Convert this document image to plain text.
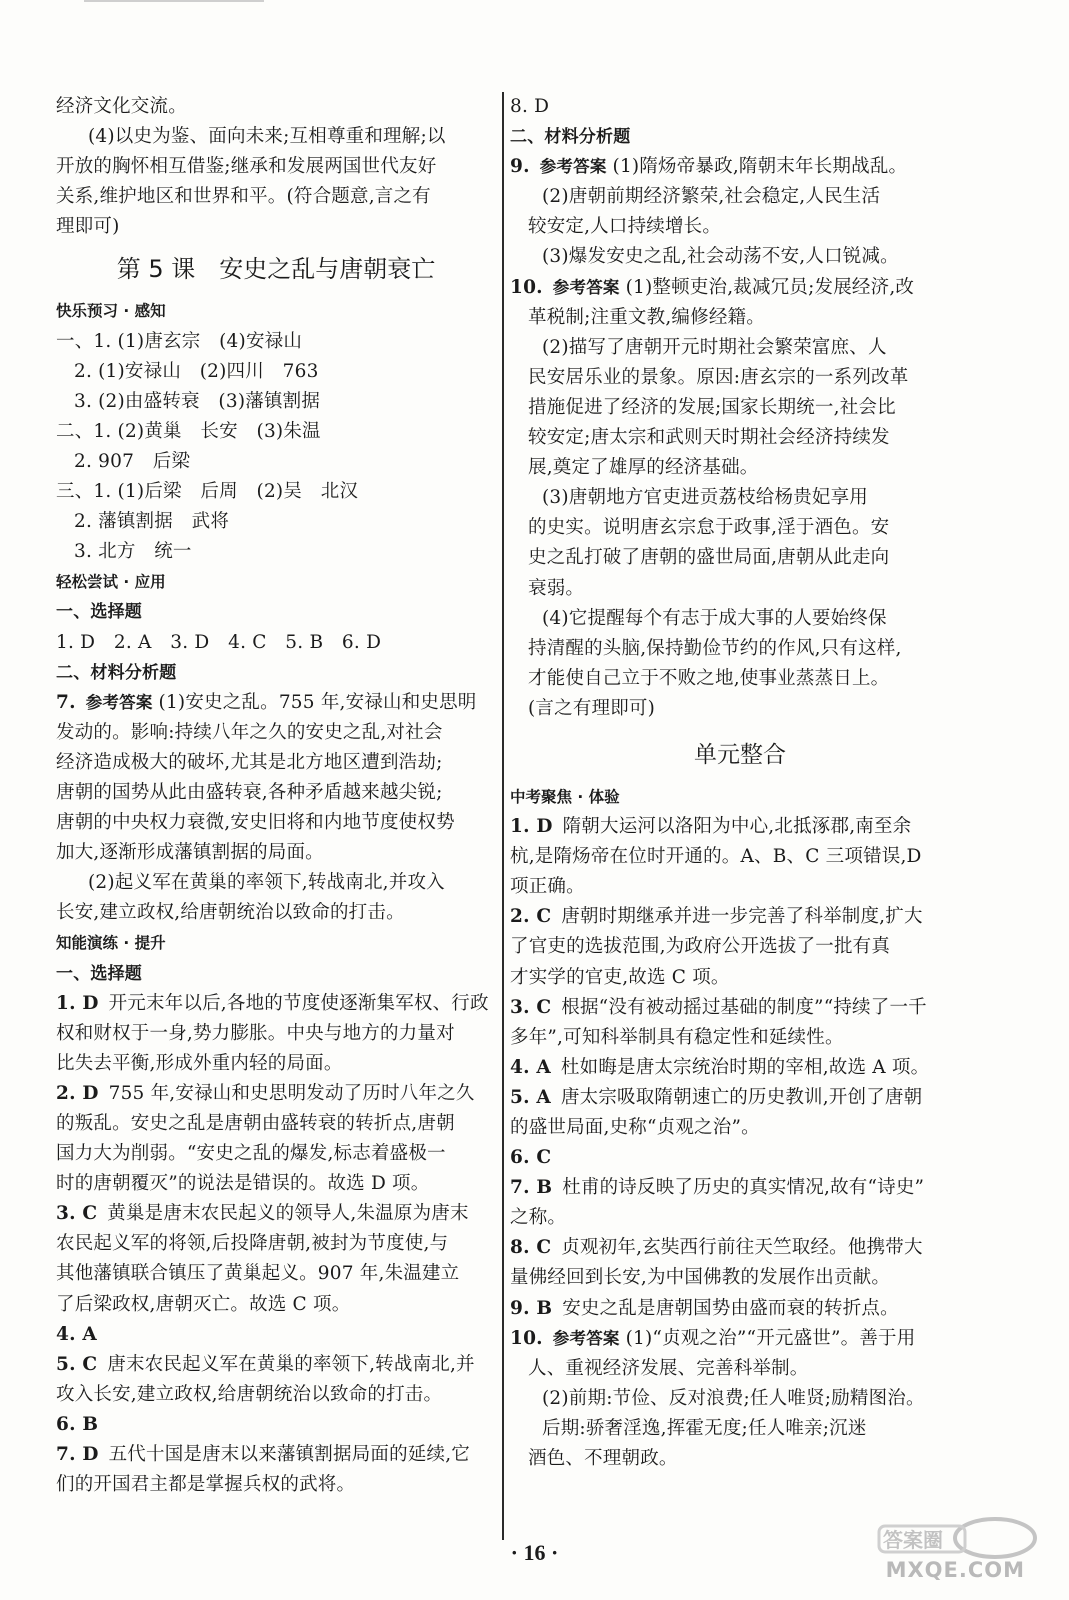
经济文化交流。
(4)以史为鉴、面向未来;互相尊重和理解;以
开放的胸怀相互借鉴;继承和发展两国世代友好
关系,维护地区和世界和平。(符合题意,言之有
理即可)
第 5 课　安史之乱与唐朝衰亡
快乐预习 · 感知
一、1. (1)唐玄宗　(4)安禄山
2. (1)安禄山　(2)四川　763
3. (2)由盛转衰　(3)藩镇割据
二、1. (2)黄巢　长安　(3)朱温
2. 907　后梁
三、1. (1)后梁　后周　(2)吴　北汉
2. 藩镇割据　武将
3. 北方　统一
轻松尝试 · 应用
一、选择题
1. D　2. A　3. D　4. C　5. B　6. D
二、材料分析题
7. 参考答案 (1)安史之乱。755 年,安禄山和史思明
发动的。影响:持续八年之久的安史之乱,对社会
经济造成极大的破坏,尤其是北方地区遭到浩劫;
唐朝的国势从此由盛转衰,各种矛盾越来越尖锐;
唐朝的中央权力衰微,安史旧将和内地节度使权势
加大,逐渐形成藩镇割据的局面。
(2)起义军在黄巢的率领下,转战南北,并攻入
长安,建立政权,给唐朝统治以致命的打击。
知能演练 · 提升
一、选择题
1. D 开元末年以后,各地的节度使逐渐集军权、行政
权和财权于一身,势力膨胀。中央与地方的力量对
比失去平衡,形成外重内轻的局面。
2. D 755 年,安禄山和史思明发动了历时八年之久
的叛乱。安史之乱是唐朝由盛转衰的转折点,唐朝
国力大为削弱。“安史之乱的爆发,标志着盛极一
时的唐朝覆灭”的说法是错误的。故选 D 项。
3. C 黄巢是唐末农民起义的领导人,朱温原为唐末
农民起义军的将领,后投降唐朝,被封为节度使,与
其他藩镇联合镇压了黄巢起义。907 年,朱温建立
了后梁政权,唐朝灭亡。故选 C 项。
4. A
5. C 唐末农民起义军在黄巢的率领下,转战南北,并
攻入长安,建立政权,给唐朝统治以致命的打击。
6. B
7. D 五代十国是唐末以来藩镇割据局面的延续,它
们的开国君主都是掌握兵权的武将。
8. D
二、材料分析题
9. 参考答案 (1)隋炀帝暴政,隋朝末年长期战乱。
(2)唐朝前期经济繁荣,社会稳定,人民生活
较安定,人口持续增长。
(3)爆发安史之乱,社会动荡不安,人口锐减。
10. 参考答案 (1)整顿吏治,裁减冗员;发展经济,改
革税制;注重文教,编修经籍。
(2)描写了唐朝开元时期社会繁荣富庶、人
民安居乐业的景象。原因:唐玄宗的一系列改革
措施促进了经济的发展;国家长期统一,社会比
较安定;唐太宗和武则天时期社会经济持续发
展,奠定了雄厚的经济基础。
(3)唐朝地方官吏进贡荔枝给杨贵妃享用
的史实。说明唐玄宗怠于政事,淫于酒色。安
史之乱打破了唐朝的盛世局面,唐朝从此走向
衰弱。
(4)它提醒每个有志于成大事的人要始终保
持清醒的头脑,保持勤俭节约的作风,只有这样,
才能使自己立于不败之地,使事业蒸蒸日上。
(言之有理即可)
单元整合
中考聚焦 · 体验
1. D 隋朝大运河以洛阳为中心,北抵涿郡,南至余
杭,是隋炀帝在位时开通的。A、B、C 三项错误,D
项正确。
2. C 唐朝时期继承并进一步完善了科举制度,扩大
了官吏的选拔范围,为政府公开选拔了一批有真
才实学的官吏,故选 C 项。
3. C 根据“没有被动摇过基础的制度”“持续了一千
多年”,可知科举制具有稳定性和延续性。
4. A 杜如晦是唐太宗统治时期的宰相,故选 A 项。
5. A 唐太宗吸取隋朝速亡的历史教训,开创了唐朝
的盛世局面,史称“贞观之治”。
6. C
7. B 杜甫的诗反映了历史的真实情况,故有“诗史”
之称。
8. C 贞观初年,玄奘西行前往天竺取经。他携带大
量佛经回到长安,为中国佛教的发展作出贡献。
9. B 安史之乱是唐朝国势由盛而衰的转折点。
10. 参考答案 (1)“贞观之治”“开元盛世”。善于用
人、重视经济发展、完善科举制。
(2)前期:节俭、反对浪费;任人唯贤;励精图治。
后期:骄奢淫逸,挥霍无度;任人唯亲;沉迷
酒色、不理朝政。
· 16 ·	答案圈
MXQE.COM
